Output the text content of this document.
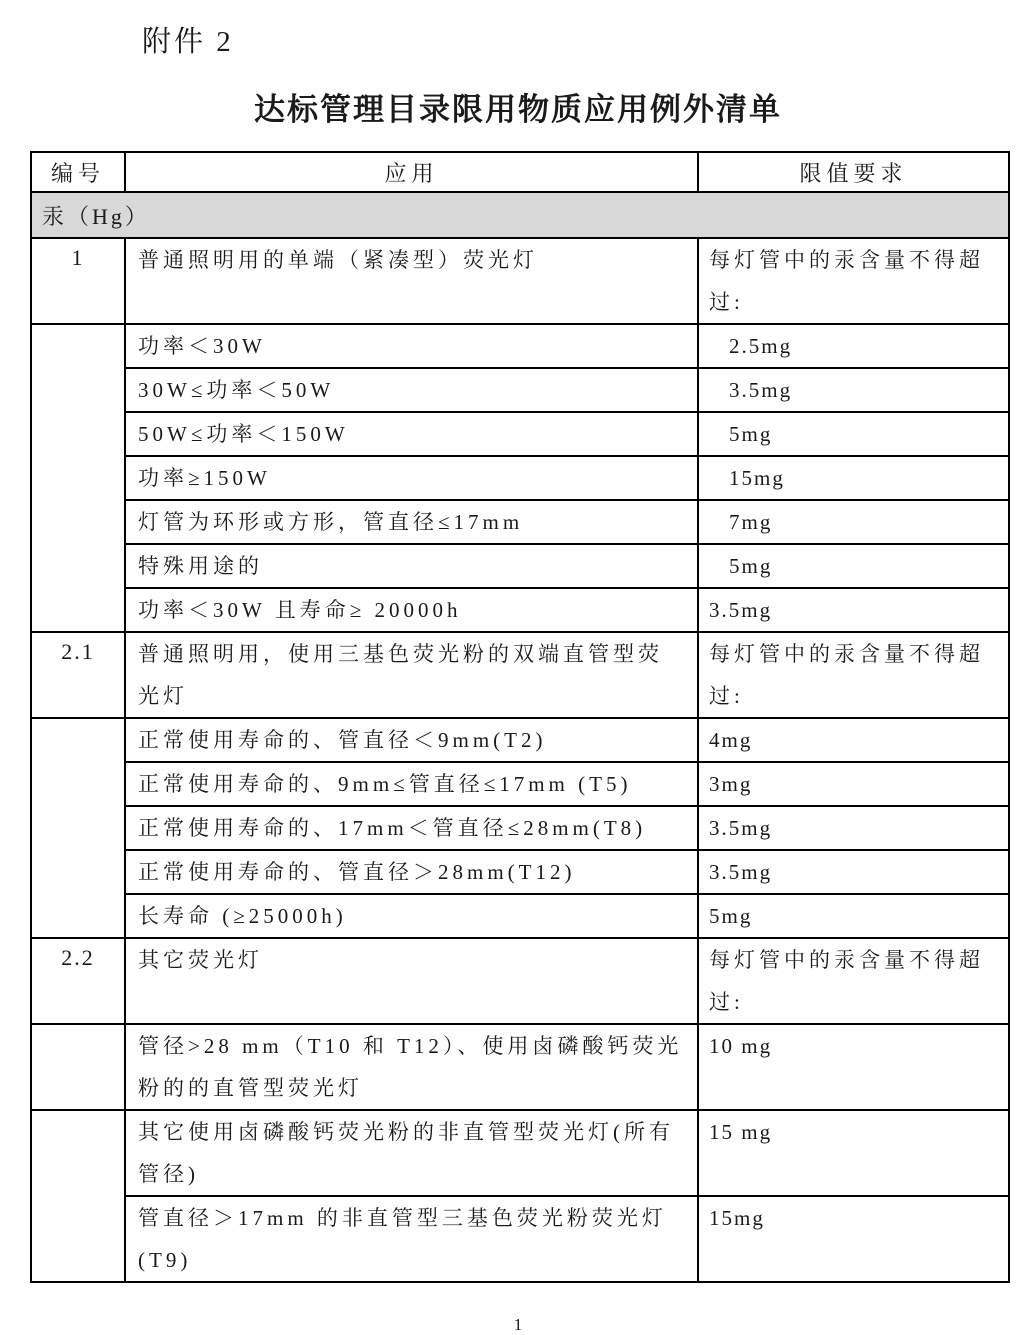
附件 2
达标管理目录限用物质应用例外清单
编号	应用	限值要求
汞（Hg）		
1	普通照明用的单端（紧凑型）荧光灯	每灯管中的汞含量不得超过:
	功率＜30W	2.5mg
	30W≤功率＜50W	3.5mg
	50W≤功率＜150W	5mg
	功率≥150W	15mg
	灯管为环形或方形，管直径≤17mm	7mg
	特殊用途的	5mg
	功率＜30W 且寿命≥ 20000h	3.5mg
2.1	普通照明用，使用三基色荧光粉的双端直管型荧光灯	每灯管中的汞含量不得超过:
	正常使用寿命的、管直径＜9mm(T2)	4mg
	正常使用寿命的、9mm≤管直径≤17mm (T5)	3mg
	正常使用寿命的、17mm＜管直径≤28mm(T8)	3.5mg
	正常使用寿命的、管直径＞28mm(T12)	3.5mg
	长寿命 (≥25000h)	5mg
2.2	其它荧光灯	每灯管中的汞含量不得超过:
	管径>28 mm（T10 和 T12）、使用卤磷酸钙荧光粉的的直管型荧光灯	10 mg
	其它使用卤磷酸钙荧光粉的非直管型荧光灯(所有管径)	15 mg
	管直径＞17mm 的非直管型三基色荧光粉荧光灯(T9)	15mg
1
